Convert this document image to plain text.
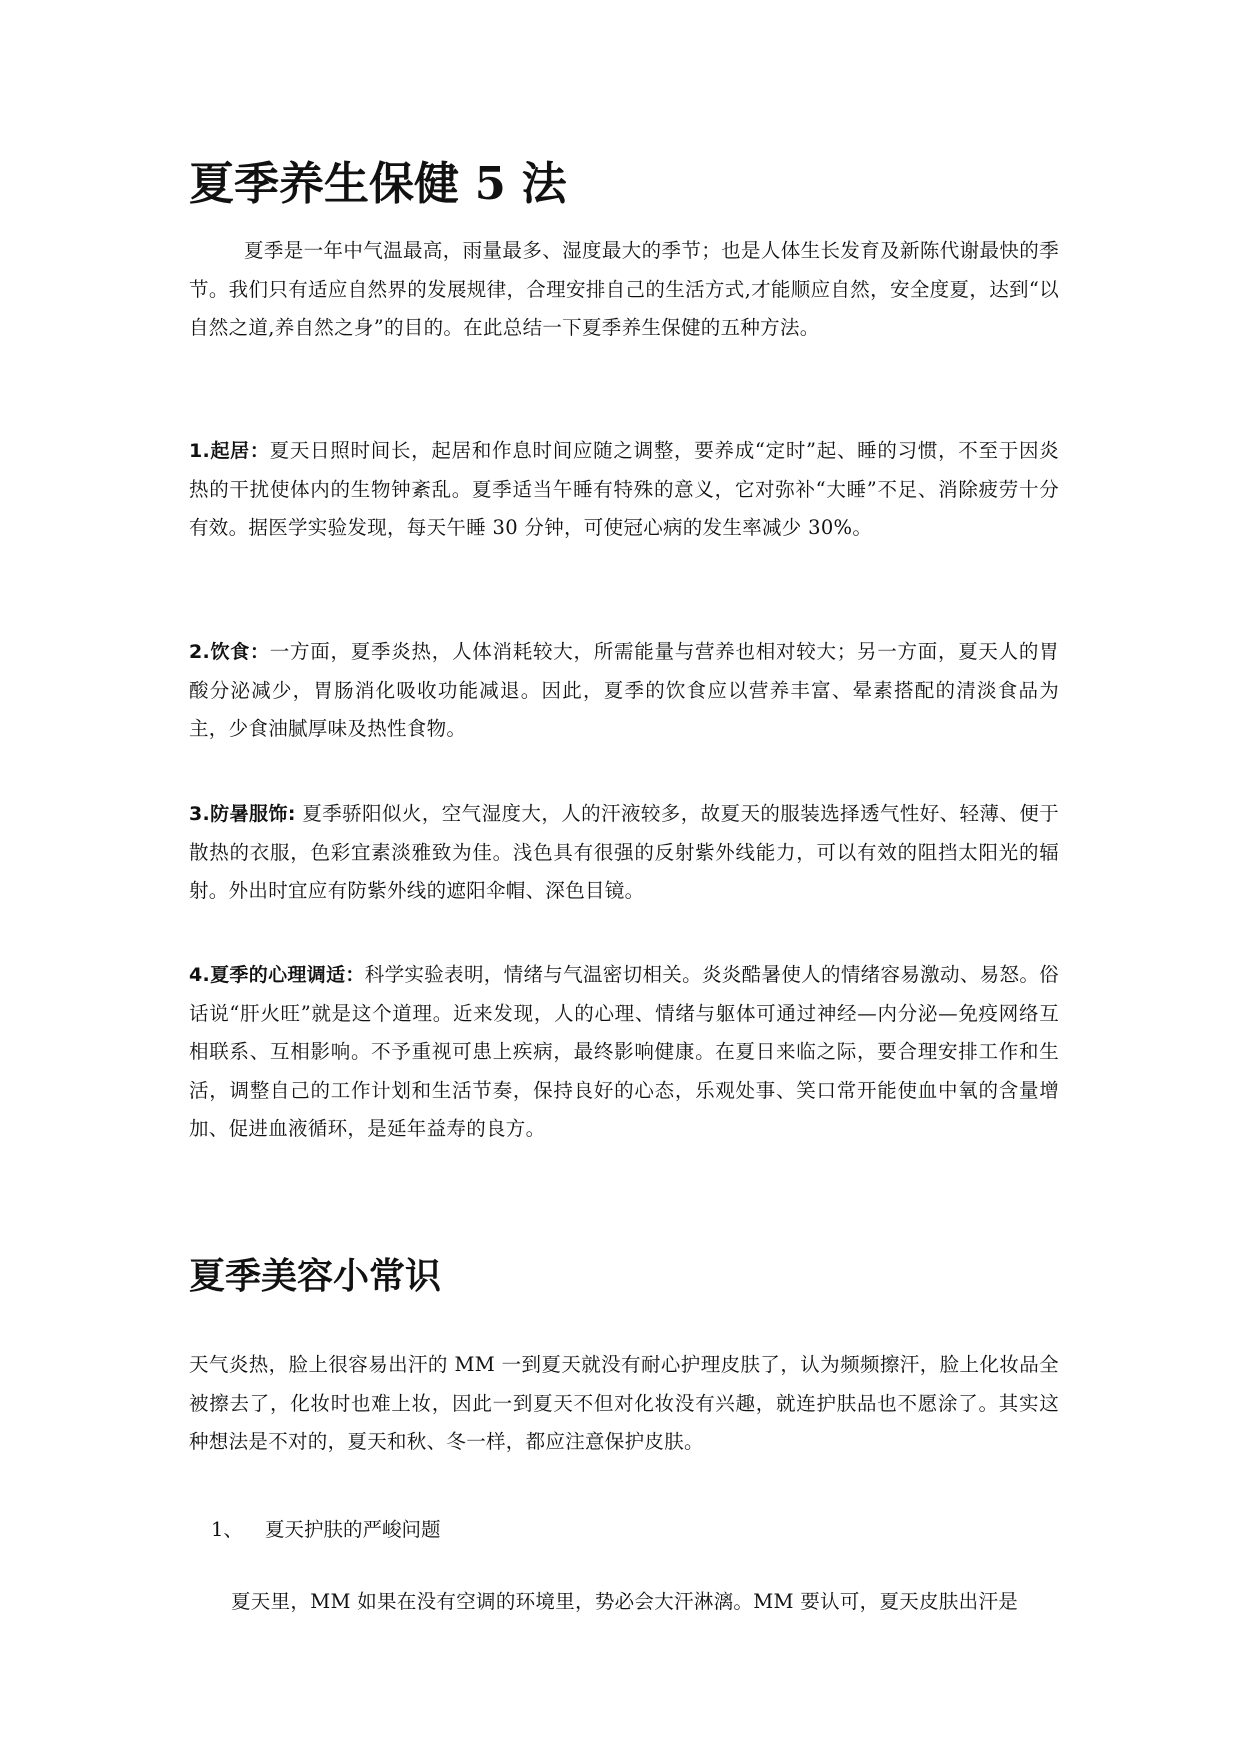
夏季养生保健 5 法

夏季是一年中气温最高，雨量最多、湿度最大的季节；也是人体生长发育及新陈代谢最快的季节。我们只有适应自然界的发展规律，合理安排自己的生活方式,才能顺应自然，安全度夏，达到“以自然之道,养自然之身”的目的。在此总结一下夏季养生保健的五种方法。

1.起居：夏天日照时间长，起居和作息时间应随之调整，要养成“定时”起、睡的习惯，不至于因炎热的干扰使体内的生物钟紊乱。夏季适当午睡有特殊的意义，它对弥补“大睡”不足、消除疲劳十分有效。据医学实验发现，每天午睡 30 分钟，可使冠心病的发生率减少 30%。

2.饮食：一方面，夏季炎热，人体消耗较大，所需能量与营养也相对较大；另一方面，夏天人的胃酸分泌减少，胃肠消化吸收功能减退。因此，夏季的饮食应以营养丰富、晕素搭配的清淡食品为主，少食油腻厚味及热性食物。

3.防暑服饰: 夏季骄阳似火，空气湿度大，人的汗液较多，故夏天的服装选择透气性好、轻薄、便于散热的衣服，色彩宜素淡雅致为佳。浅色具有很强的反射紫外线能力，可以有效的阻挡太阳光的辐射。外出时宜应有防紫外线的遮阳伞帽、深色目镜。

4.夏季的心理调适：科学实验表明，情绪与气温密切相关。炎炎酷暑使人的情绪容易激动、易怒。俗话说“肝火旺”就是这个道理。近来发现，人的心理、情绪与躯体可通过神经—内分泌—免疫网络互相联系、互相影响。不予重视可患上疾病，最终影响健康。在夏日来临之际，要合理安排工作和生活，调整自己的工作计划和生活节奏，保持良好的心态，乐观处事、笑口常开能使血中氧的含量增加、促进血液循环，是延年益寿的良方。

夏季美容小常识

天气炎热，脸上很容易出汗的 MM 一到夏天就没有耐心护理皮肤了，认为频频擦汗，脸上化妆品全被擦去了，化妆时也难上妆，因此一到夏天不但对化妆没有兴趣，就连护肤品也不愿涂了。其实这种想法是不对的，夏天和秋、冬一样，都应注意保护皮肤。

1、 夏天护肤的严峻问题

夏天里，MM 如果在没有空调的环境里，势必会大汗淋漓。MM 要认可，夏天皮肤出汗是
